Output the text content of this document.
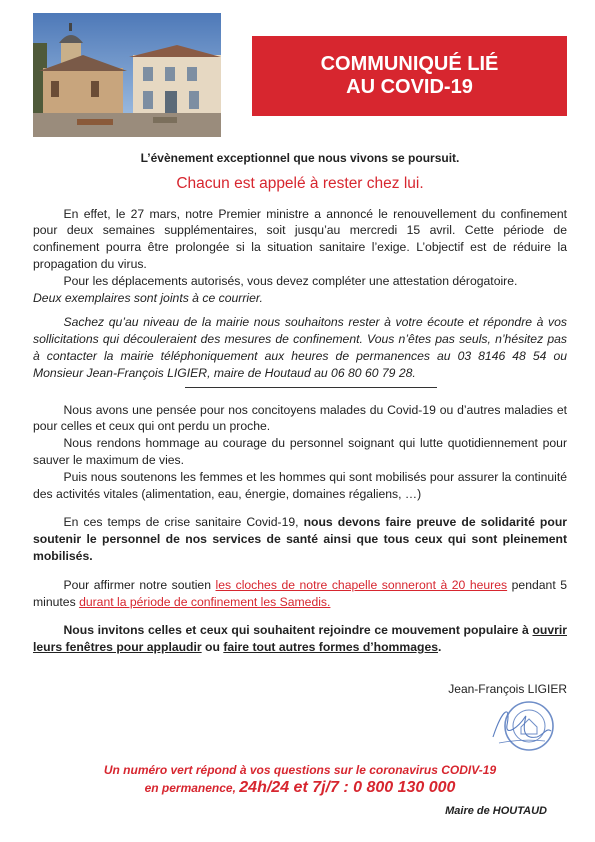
COMMUNIQUÉ LIÉ
AU COVID-19

L’évènement exceptionnel que nous vivons se poursuit.

Chacun est appelé à rester chez lui.

En effet, le 27 mars, notre Premier ministre a annoncé le renouvellement du confinement pour deux semaines supplémentaires, soit jusqu’au mercredi 15 avril. Cette période de confinement pourra être prolongée si la situation sanitaire l’exige. L’objectif est de réduire la propagation du virus.

Pour les déplacements autorisés, vous devez compléter une attestation dérogatoire.
Deux exemplaires sont joints à ce courrier.

Sachez qu’au niveau de la mairie nous souhaitons rester à votre écoute et répondre à vos sollicitations qui découleraient des mesures de confinement. Vous n’êtes pas seuls, n’hésitez pas à contacter la mairie téléphoniquement aux heures de permanences au 03 8146 48 54 ou Monsieur Jean-François LIGIER, maire de Houtaud au 06 80 60 79 28.

Nous avons une pensée pour nos concitoyens malades du Covid-19 ou d’autres maladies et pour celles et ceux qui ont perdu un proche.

Nous rendons hommage au courage du personnel soignant qui lutte quotidiennement pour sauver le maximum de vies.

Puis nous soutenons les femmes et les hommes qui sont mobilisés pour assurer la continuité des activités vitales (alimentation, eau, énergie, domaines régaliens, …)

En ces temps de crise sanitaire Covid-19, nous devons faire preuve de solidarité pour soutenir le personnel de nos services de santé ainsi que tous ceux qui sont pleinement mobilisés.

Pour affirmer notre soutien les cloches de notre chapelle sonneront à 20 heures pendant 5 minutes durant la période de confinement les Samedis.

Nous invitons celles et ceux qui souhaitent rejoindre ce mouvement populaire à ouvrir leurs fenêtres pour applaudir ou faire tout autres formes d’hommages.

Jean-François LIGIER
Un numéro vert répond à vos questions sur le coronavirus CODIV-19
en permanence, 24h/24 et 7j/7 : 0 800 130 000
Maire de HOUTAUD
